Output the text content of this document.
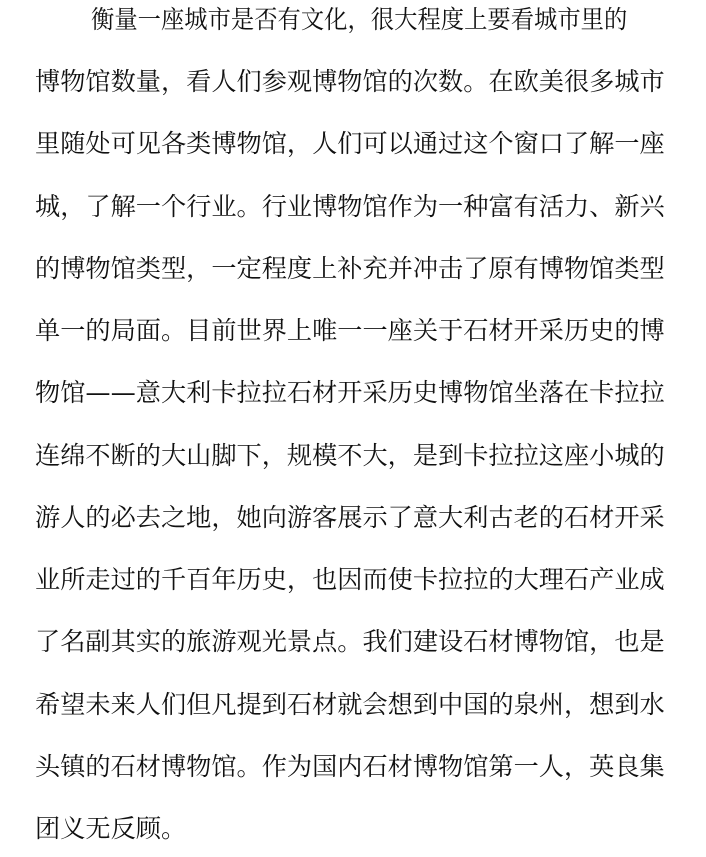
衡量一座城市是否有文化，很大程度上要看城市里的
博物馆数量，看人们参观博物馆的次数。在欧美很多城市
里随处可见各类博物馆，人们可以通过这个窗口了解一座
城，了解一个行业。行业博物馆作为一种富有活力、新兴
的博物馆类型，一定程度上补充并冲击了原有博物馆类型
单一的局面。目前世界上唯一一座关于石材开采历史的博
物馆——意大利卡拉拉石材开采历史博物馆坐落在卡拉拉
连绵不断的大山脚下，规模不大，是到卡拉拉这座小城的
游人的必去之地，她向游客展示了意大利古老的石材开采
业所走过的千百年历史，也因而使卡拉拉的大理石产业成
了名副其实的旅游观光景点。我们建设石材博物馆，也是
希望未来人们但凡提到石材就会想到中国的泉州，想到水
头镇的石材博物馆。作为国内石材博物馆第一人，英良集
团义无反顾。
